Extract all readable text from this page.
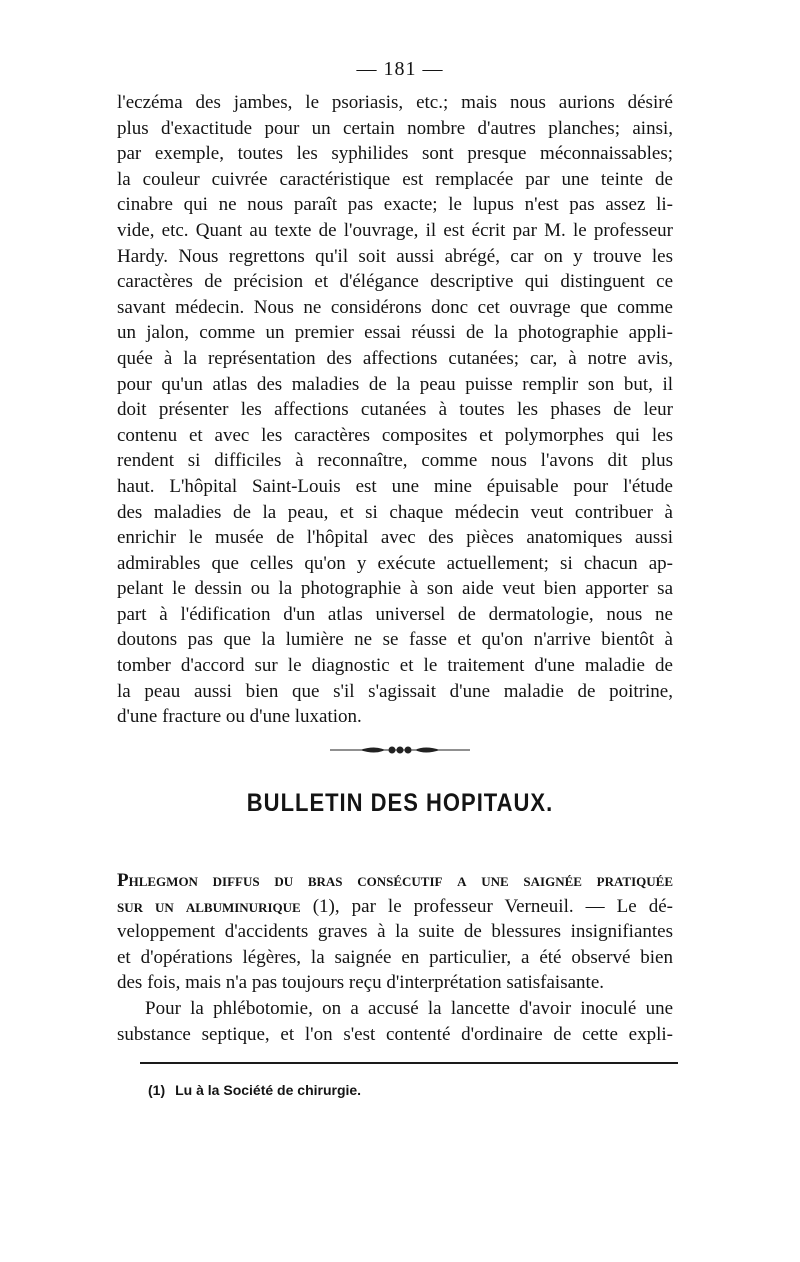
— 181 —
l'eczéma des jambes, le psoriasis, etc.; mais nous aurions désiré
plus d'exactitude pour un certain nombre d'autres planches; ainsi,
par exemple, toutes les syphilides sont presque méconnaissables;
la couleur cuivrée caractéristique est remplacée par une teinte de
cinabre qui ne nous paraît pas exacte; le lupus n'est pas assez li-
vide, etc. Quant au texte de l'ouvrage, il est écrit par M. le professeur
Hardy. Nous regrettons qu'il soit aussi abrégé, car on y trouve les
caractères de précision et d'élégance descriptive qui distinguent ce
savant médecin. Nous ne considérons donc cet ouvrage que comme
un jalon, comme un premier essai réussi de la photographie appli-
quée à la représentation des affections cutanées; car, à notre avis,
pour qu'un atlas des maladies de la peau puisse remplir son but, il
doit présenter les affections cutanées à toutes les phases de leur
contenu et avec les caractères composites et polymorphes qui les
rendent si difficiles à reconnaître, comme nous l'avons dit plus
haut. L'hôpital Saint-Louis est une mine épuisable pour l'étude
des maladies de la peau, et si chaque médecin veut contribuer à
enrichir le musée de l'hôpital avec des pièces anatomiques aussi
admirables que celles qu'on y exécute actuellement; si chacun ap-
pelant le dessin ou la photographie à son aide veut bien apporter sa
part à l'édification d'un atlas universel de dermatologie, nous ne
doutons pas que la lumière ne se fasse et qu'on n'arrive bientôt à
tomber d'accord sur le diagnostic et le traitement d'une maladie de
la peau aussi bien que s'il s'agissait d'une maladie de poitrine,
d'une fracture ou d'une luxation.
BULLETIN DES HOPITAUX.
Phlegmon diffus du bras consécutif a une saignée pratiquée
sur un albuminurique (1), par le professeur Verneuil. — Le dé-
veloppement d'accidents graves à la suite de blessures insignifiantes
et d'opérations légères, la saignée en particulier, a été observé bien
des fois, mais n'a pas toujours reçu d'interprétation satisfaisante.
Pour la phlébotomie, on a accusé la lancette d'avoir inoculé une
substance septique, et l'on s'est contenté d'ordinaire de cette expli-
(1) Lu à la Société de chirurgie.
